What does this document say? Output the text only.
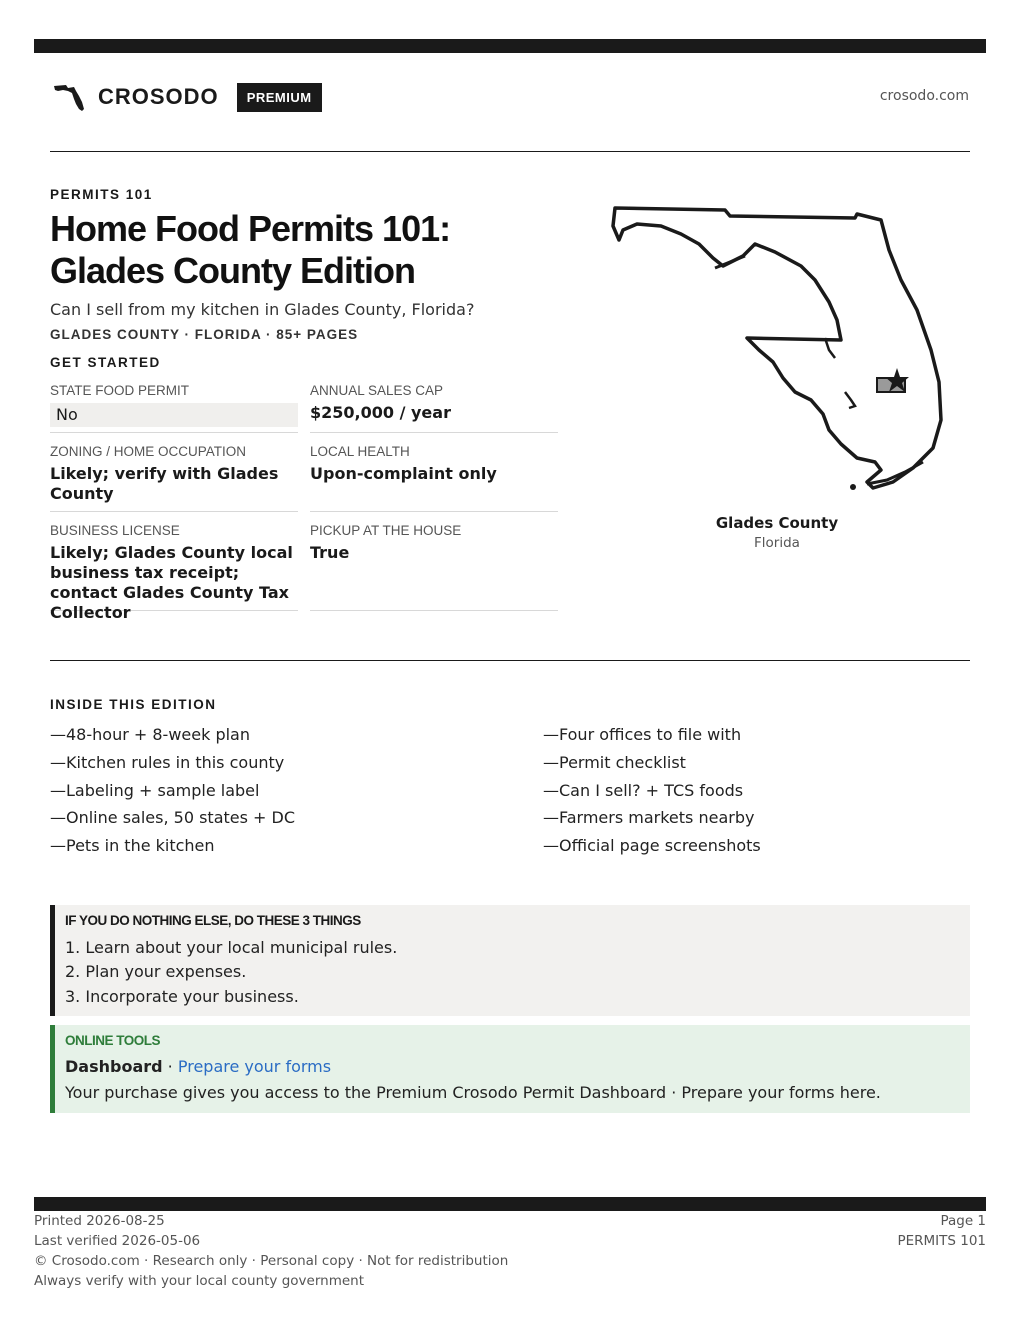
CROSODO	PREMIUM	crosodo.com
PERMITS 101
Home Food Permits 101: Glades County Edition
Can I sell from my kitchen in Glades County, Florida?
GLADES COUNTY · FLORIDA · 85+ PAGES
GET STARTED
STATE FOOD PERMIT
No
ANNUAL SALES CAP
$250,000 / year
ZONING / HOME OCCUPATION
Likely; verify with Glades County
LOCAL HEALTH
Upon-complaint only
BUSINESS LICENSE
Likely; Glades County local business tax receipt; contact Glades County Tax Collector
PICKUP AT THE HOUSE
True
Glades County
Florida
INSIDE THIS EDITION
—48-hour + 8-week plan
—Kitchen rules in this county
—Labeling + sample label
—Online sales, 50 states + DC
—Pets in the kitchen
—Four offices to file with
—Permit checklist
—Can I sell? + TCS foods
—Farmers markets nearby
—Official page screenshots
IF YOU DO NOTHING ELSE, DO THESE 3 THINGS
1. Learn about your local municipal rules.
2. Plan your expenses.
3. Incorporate your business.
ONLINE TOOLS
Dashboard · Prepare your forms
Your purchase gives you access to the Premium Crosodo Permit Dashboard · Prepare your forms here.
Printed 2026-08-25
Last verified 2026-05-06
© Crosodo.com · Research only · Personal copy · Not for redistribution
Always verify with your local county government
Page 1
PERMITS 101
